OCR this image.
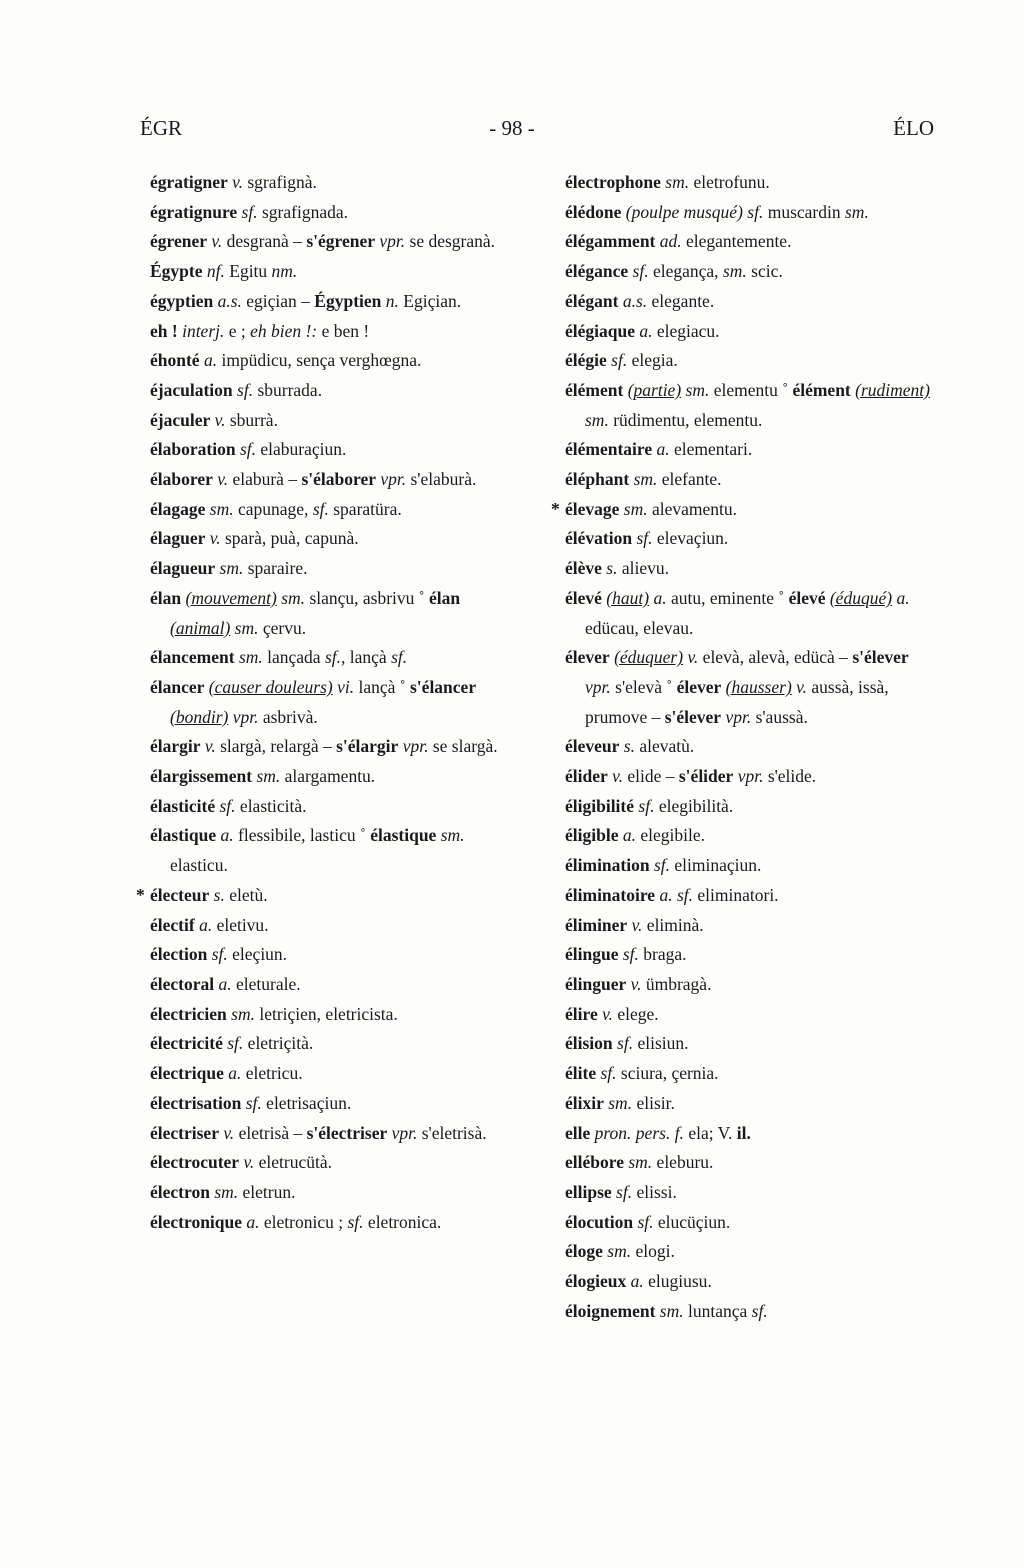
ÉGR	- 98 -	ÉLO
égratigner v. sgrafignà.
égratignure sf. sgrafignada.
égrener v. desgranà – s'égrener vpr. se desgranà.
Égypte nf. Egitu nm.
égyptien a.s. egiçian – Égyptien n. Egiçian.
eh ! interj. e ; eh bien !: e ben !
éhonté a. impüdicu, sença verghœgna.
éjaculation sf. sburrada.
éjaculer v. sburrà.
élaboration sf. elaburaçiun.
élaborer v. elaburà – s'élaborer vpr. s'elaburà.
élagage sm. capunage, sf. sparatüra.
élaguer v. sparà, puà, capunà.
élagueur sm. sparaire.
élan (mouvement) sm. slançu, asbrivu ˚ élan (animal) sm. çervu.
élancement sm. lançada sf., lançà sf.
élancer (causer douleurs) vi. lançà ˚ s'élancer (bondir) vpr. asbrivà.
élargir v. slargà, relargà – s'élargir vpr. se slargà.
élargissement sm. alargamentu.
élasticité sf. elasticità.
élastique a. flessibile, lasticu ˚ élastique sm. elasticu.
* électeur s. eletù.
électif a. eletivu.
élection sf. eleçiun.
électoral a. eleturale.
électricien sm. letriçien, eletricista.
électricité sf. eletriçità.
électrique a. eletricu.
électrisation sf. eletrisaçiun.
électriser v. eletrisà – s'électriser vpr. s'eletrisà.
électrocuter v. eletrucütà.
électron sm. eletrun.
électronique a. eletronicu ; sf. eletronica.
électrophone sm. eletrofunu.
élédone (poulpe musqué) sf. muscardin sm.
élégamment ad. elegantemente.
élégance sf. elegança, sm. scic.
élégant a.s. elegante.
élégiaque a. elegiacu.
élégie sf. elegia.
élément (partie) sm. elementu ˚ élément (rudiment) sm. rüdimentu, elementu.
élémentaire a. elementari.
éléphant sm. elefante.
* élevage sm. alevamentu.
élévation sf. elevaçiun.
élève s. alievu.
élevé (haut) a. autu, eminente ˚ élevé (éduqué) a. edücau, elevau.
élever (éduquer) v. elevà, alevà, edücà – s'élever vpr. s'elevà ˚ élever (hausser) v. aussà, issà, prumove – s'élever vpr. s'aussà.
éleveur s. alevatù.
élider v. elide – s'élider vpr. s'elide.
éligibilité sf. elegibilità.
éligible a. elegibile.
élimination sf. eliminaçiun.
éliminatoire a. sf. eliminatori.
éliminer v. eliminà.
élingue sf. braga.
élinguer v. ümbragà.
élire v. elege.
élision sf. elisiun.
élite sf. sciura, çernia.
élixir sm. elisir.
elle pron. pers. f. ela; V. il.
ellébore sm. eleburu.
ellipse sf. elissi.
élocution sf. elucüçiun.
éloge sm. elogi.
élogieux a. elugiusu.
éloignement sm. luntança sf.
